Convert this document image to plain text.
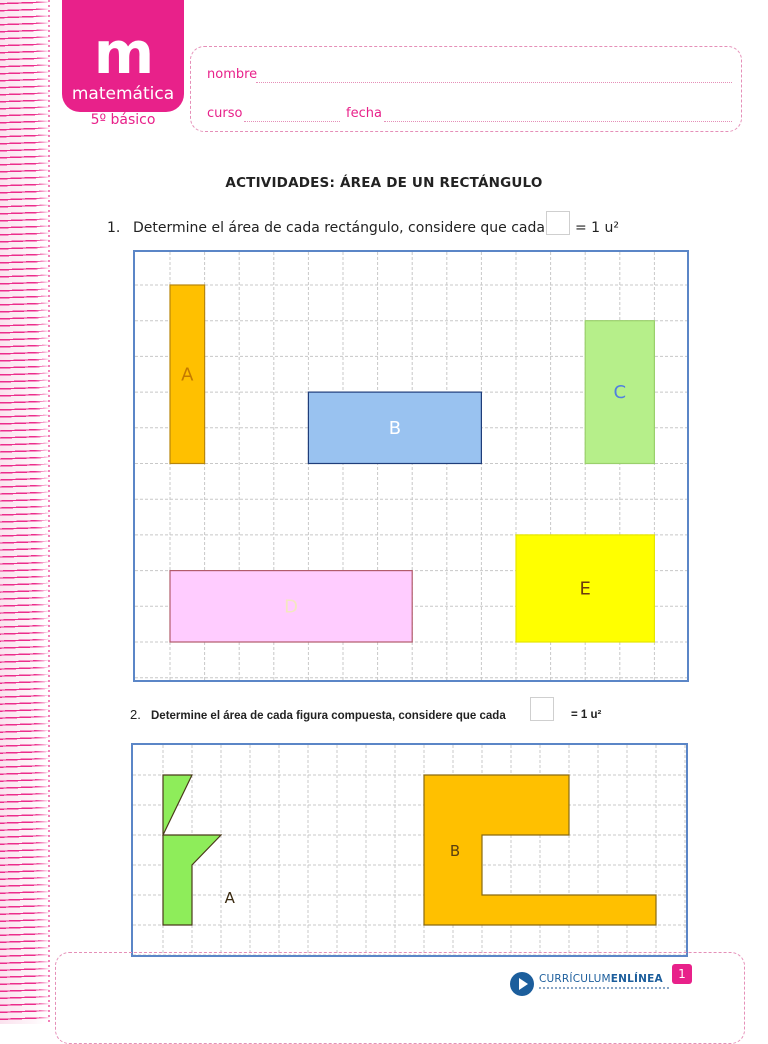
m
matemática
5º básico
nombre
curso	fecha
ACTIVIDADES: ÁREA DE UN RECTÁNGULO
1. Determine el área de cada rectángulo, considere que cada = 1 u²
A
B
C
D
E
2. Determine el área de cada figura compuesta, considere que cada	= 1 u²
A
B
CURRÍCULUMENLÍNEA	1
